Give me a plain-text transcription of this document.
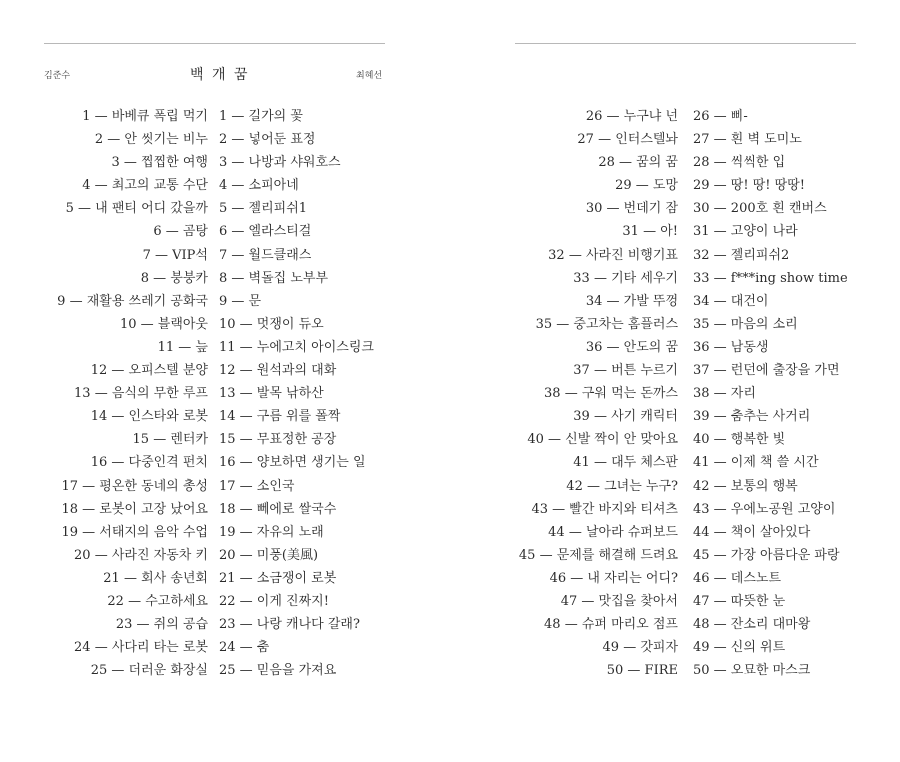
김준수	백 개 꿈	최혜선
1 — 바베큐 폭립 먹기 1 — 길가의 꽃
2 — 안 씻기는 비누 2 — 넣어둔 표정
3 — 찝찝한 여행 3 — 나방과 샤워호스
4 — 최고의 교통 수단 4 — 소피아네
5 — 내 팬티 어디 갔을까 5 — 젤리피쉬1
6 — 곰탕 6 — 엘라스티걸
7 — VIP석 7 — 월드클래스
8 — 붕붕카 8 — 벽돌집 노부부
9 — 재활용 쓰레기 공화국 9 — 문
10 — 블랙아웃 10 — 멋쟁이 듀오
11 — 늪 11 — 누에고치 아이스링크
12 — 오피스텔 분양 12 — 원석과의 대화
13 — 음식의 무한 루프 13 — 발목 낚하산
14 — 인스타와 로봇 14 — 구름 위를 폴짝
15 — 렌터카 15 — 무표정한 공장
16 — 다중인격 펀치 16 — 양보하면 생기는 일
17 — 평온한 동네의 총성 17 — 소인국
18 — 로봇이 고장 났어요 18 — 뻬에로 쌀국수
19 — 서태지의 음악 수업 19 — 자유의 노래
20 — 사라진 자동차 키 20 — 미풍(美風)
21 — 회사 송년회 21 — 소금쟁이 로봇
22 — 수고하세요 22 — 이게 진짜지!
23 — 쥐의 공습 23 — 나랑 캐나다 갈래?
24 — 사다리 타는 로봇 24 — 춤
25 — 더러운 화장실 25 — 믿음을 가져요
26 — 누구냐 넌 26 — 삐-
27 — 인터스텔놔 27 — 흰 벽 도미노
28 — 꿈의 꿈 28 — 씩씩한 입
29 — 도망 29 — 땅! 땅! 땅땅!
30 — 번데기 잠 30 — 200호 흰 캔버스
31 — 아! 31 — 고양이 나라
32 — 사라진 비행기표 32 — 젤리피쉬2
33 — 기타 세우기 33 — f***ing show time
34 — 가발 뚜껑 34 — 대건이
35 — 중고차는 홈플러스 35 — 마음의 소리
36 — 안도의 꿈 36 — 남동생
37 — 버튼 누르기 37 — 런던에 출장을 가면
38 — 구워 먹는 돈까스 38 — 자리
39 — 사기 캐릭터 39 — 춤추는 사거리
40 — 신발 짝이 안 맞아요 40 — 행복한 빛
41 — 대두 체스판 41 — 이제 책 쓸 시간
42 — 그녀는 누구? 42 — 보통의 행복
43 — 빨간 바지와 티셔츠 43 — 우에노공원 고양이
44 — 날아라 슈퍼보드 44 — 책이 살아있다
45 — 문제를 해결해 드려요 45 — 가장 아름다운 파랑
46 — 내 자리는 어디? 46 — 데스노트
47 — 맛집을 찾아서 47 — 따뜻한 눈
48 — 슈퍼 마리오 점프 48 — 잔소리 대마왕
49 — 갓피자 49 — 신의 위트
50 — FIRE 50 — 오묘한 마스크
